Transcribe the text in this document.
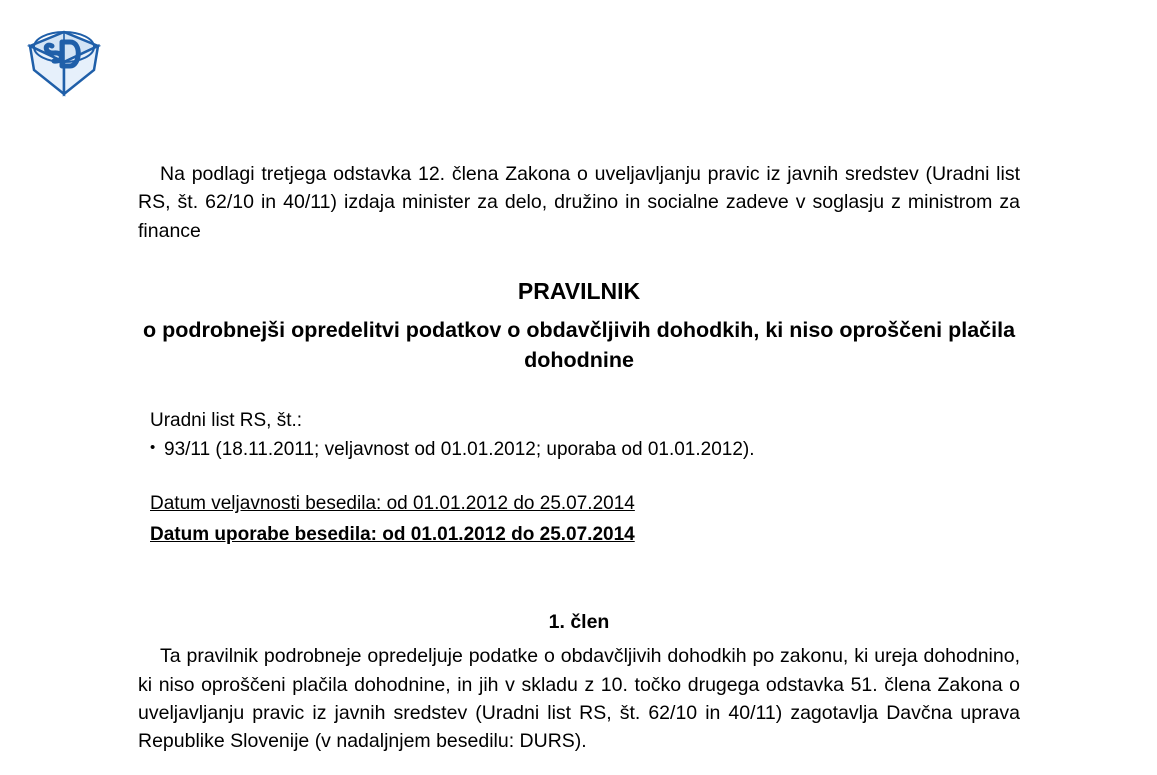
Na podlagi tretjega odstavka 12. člena Zakona o uveljavljanju pravic iz javnih sredstev (Uradni list RS, št. 62/10 in 40/11) izdaja minister za delo, družino in socialne zadeve v soglasju z ministrom za finance

PRAVILNIK
o podrobnejši opredelitvi podatkov o obdavčljivih dohodkih, ki niso oproščeni plačila dohodnine
Uradni list RS, št.:
• 93/11 (18.11.2011; veljavnost od 01.01.2012; uporaba od 01.01.2012).
Datum veljavnosti besedila: od 01.01.2012 do 25.07.2014
Datum uporabe besedila: od 01.01.2012 do 25.07.2014
1. člen

Ta pravilnik podrobneje opredeljuje podatke o obdavčljivih dohodkih po zakonu, ki ureja dohodnino, ki niso oproščeni plačila dohodnine, in jih v skladu z 10. točko drugega odstavka 51. člena Zakona o uveljavljanju pravic iz javnih sredstev (Uradni list RS, št. 62/10 in 40/11) zagotavlja Davčna uprava Republike Slovenije (v nadaljnjem besedilu: DURS).
